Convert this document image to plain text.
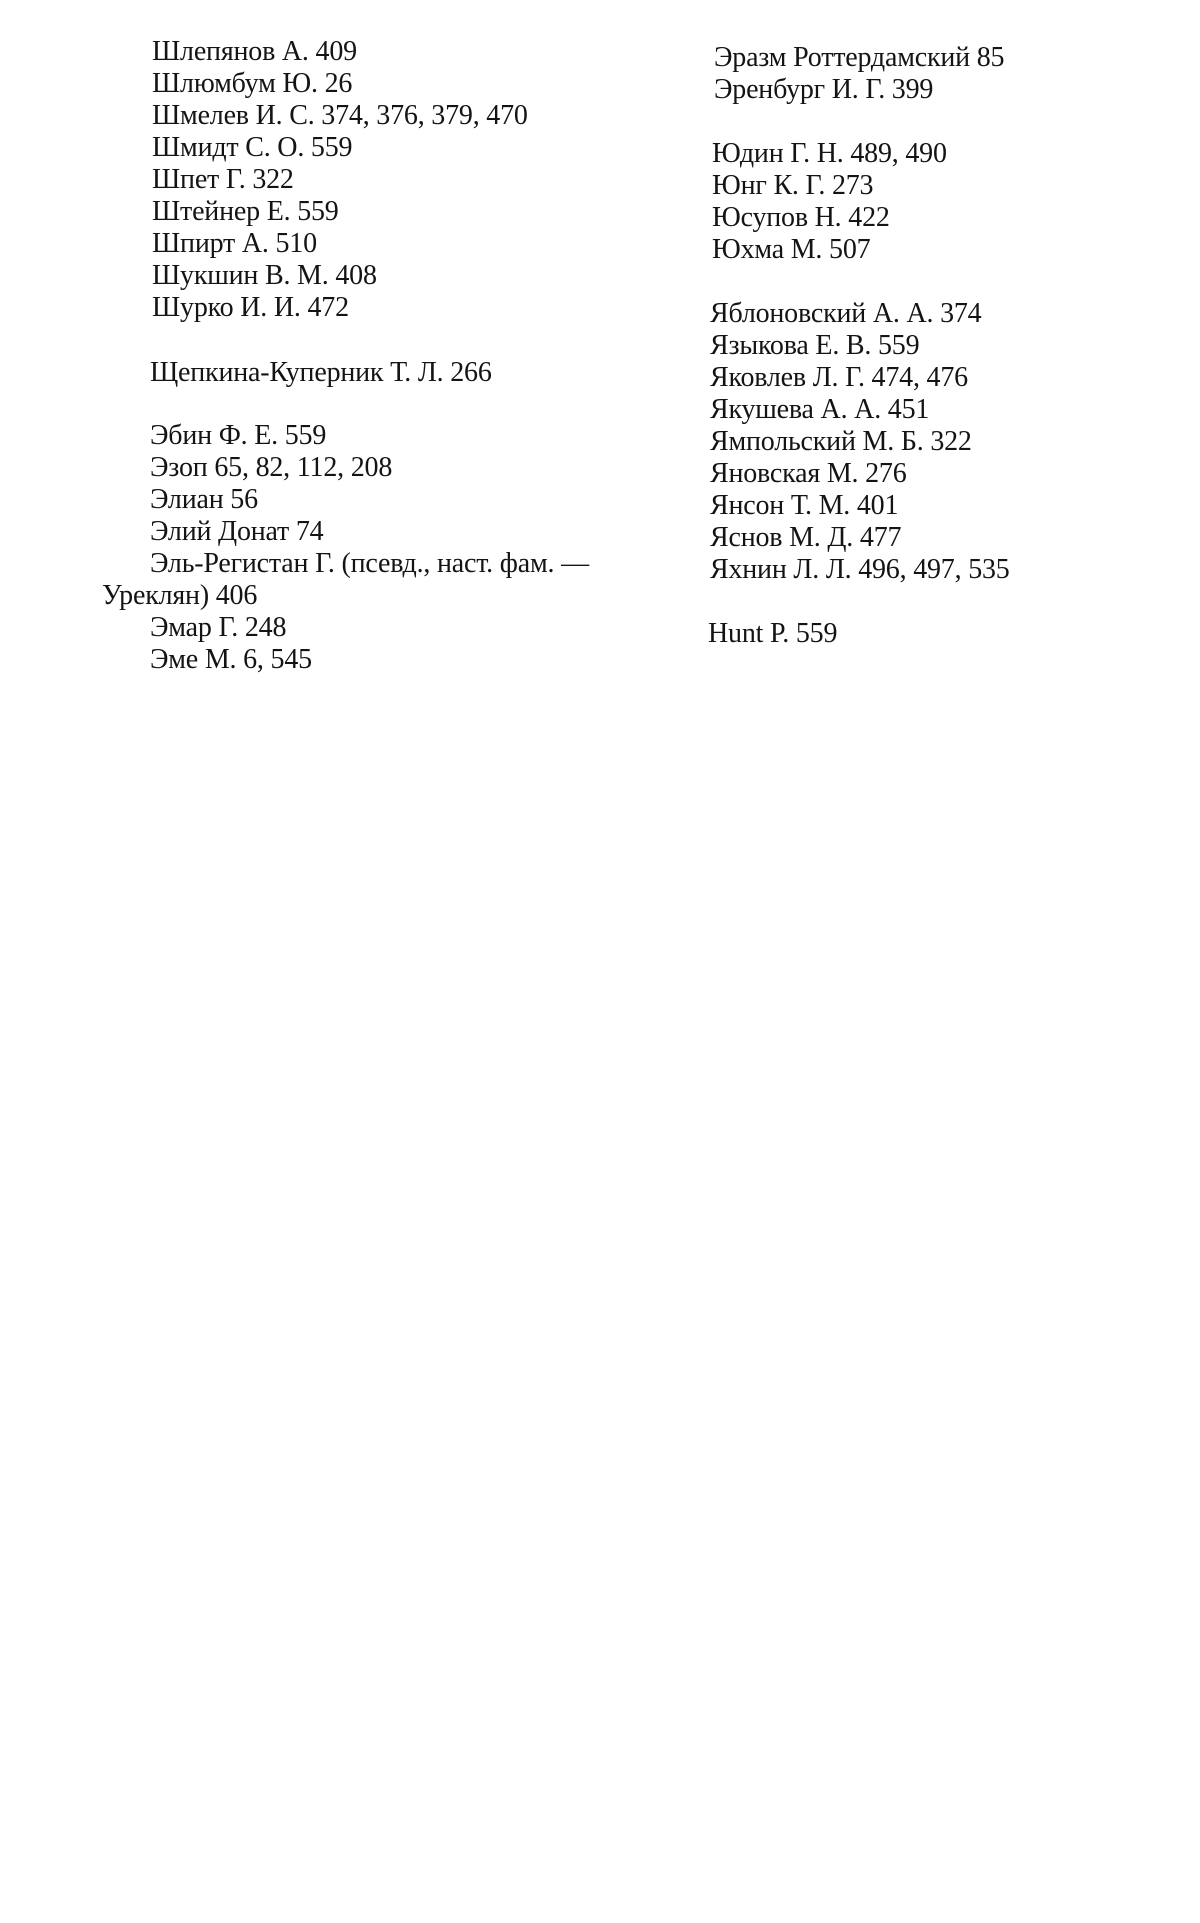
Шлепянов А. 409
Шлюмбум Ю. 26
Шмелев И. С. 374, 376, 379, 470
Шмидт С. О. 559
Шпет Г. 322
Штейнер Е. 559
Шпирт А. 510
Шукшин В. М. 408
Шурко И. И. 472
Щепкина-Куперник Т. Л. 266
Эбин Ф. Е. 559
Эзоп 65, 82, 112, 208
Элиан 56
Элий Донат 74
Эль-Регистан Г. (псевд., наст. фам. —
Уреклян) 406
Эмар Г. 248
Эме М. 6, 545
Эразм Роттердамский 85
Эренбург И. Г. 399
Юдин Г. Н. 489, 490
Юнг К. Г. 273
Юсупов Н. 422
Юхма М. 507
Яблоновский А. А. 374
Языкова Е. В. 559
Яковлев Л. Г. 474, 476
Якушева А. А. 451
Ямпольский М. Б. 322
Яновская М. 276
Янсон Т. М. 401
Яснов М. Д. 477
Яхнин Л. Л. 496, 497, 535
Hunt P. 559
